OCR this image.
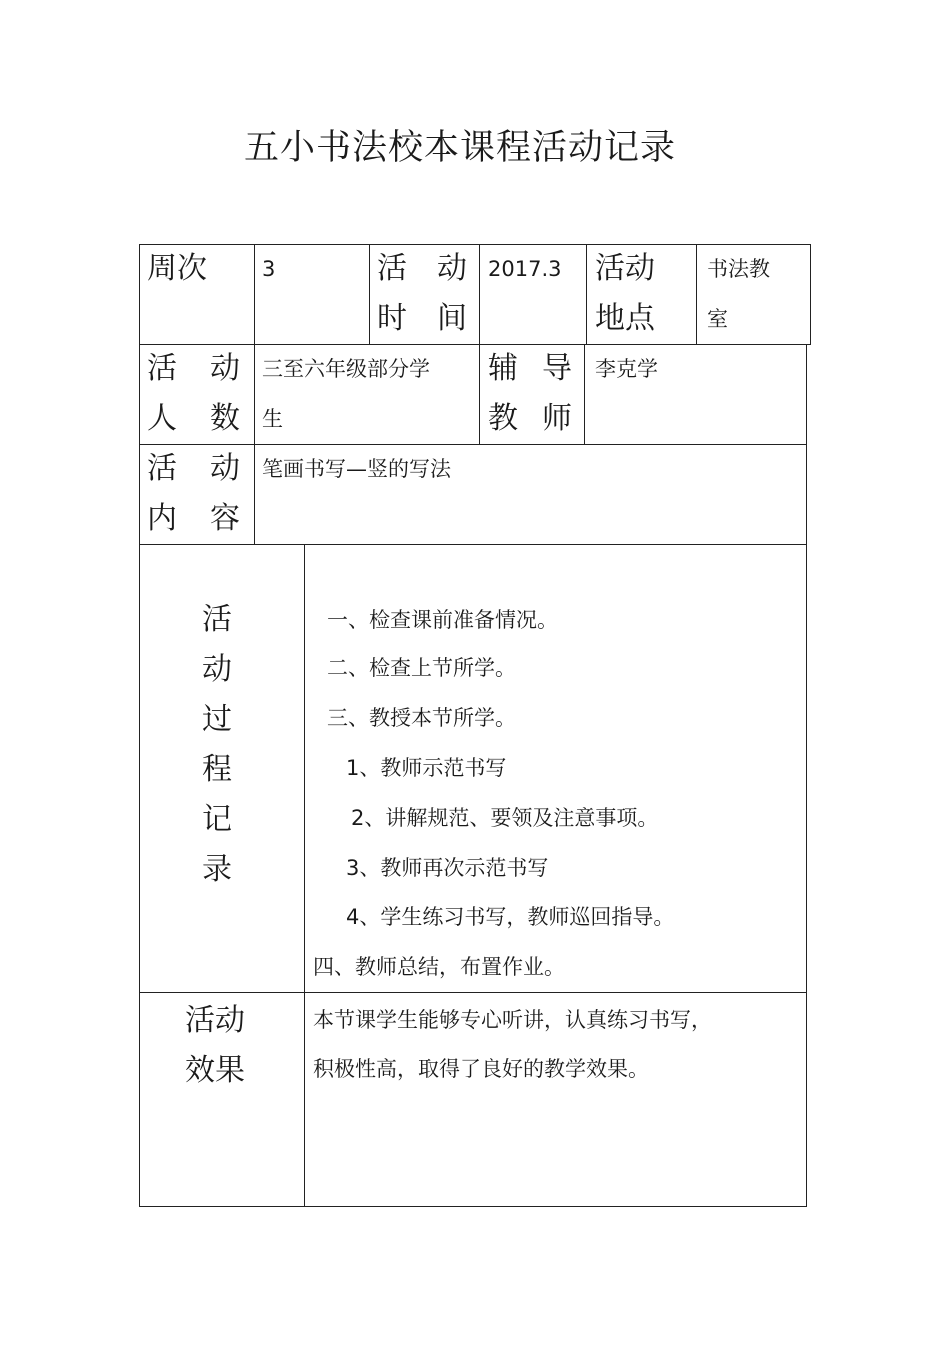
五小书法校本课程活动记录
周次	3	活 动
时 间
2017.3 活动
地点
书法教
室
活 动
人 数
三至六年级部分学
生
辅 导
教 师
李克学
活 动
内 容
笔画书写—竖的写法
活
动
过
程
记
录
一、检查课前准备情况。
二、检查上节所学。
三、教授本节所学。
1、教师示范书写
2、讲解规范、要领及注意事项。
3、教师再次示范书写
4、学生练习书写，教师巡回指导。
四、教师总结，布置作业。
活动
效果
本节课学生能够专心听讲，认真练习书写，
积极性高，取得了良好的教学效果。
